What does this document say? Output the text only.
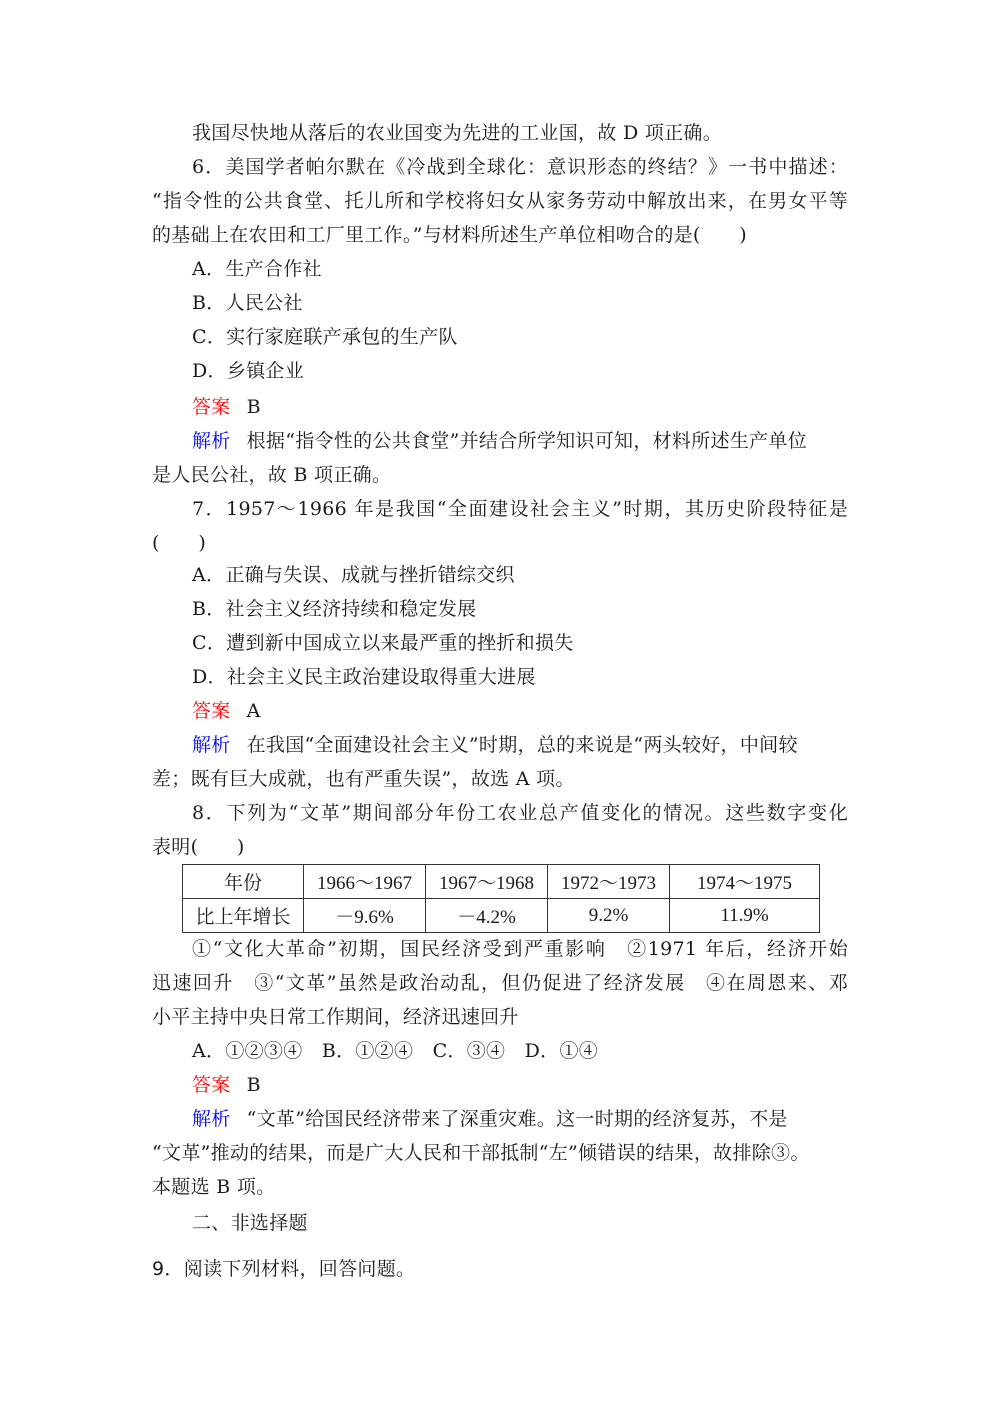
我国尽快地从落后的农业国变为先进的工业国，故 D 项正确。
6．美国学者帕尔默在《冷战到全球化：意识形态的终结？》一书中描述：
“指令性的公共食堂、托儿所和学校将妇女从家务劳动中解放出来，在男女平等
的基础上在农田和工厂里工作。”与材料所述生产单位相吻合的是(　　)
A．生产合作社
B．人民公社
C．实行家庭联产承包的生产队
D．乡镇企业
答案 B
解析 根据“指令性的公共食堂”并结合所学知识可知，材料所述生产单位
是人民公社，故 B 项正确。
7．1957～1966 年是我国“全面建设社会主义”时期，其历史阶段特征是
(　　)
A．正确与失误、成就与挫折错综交织
B．社会主义经济持续和稳定发展
C．遭到新中国成立以来最严重的挫折和损失
D．社会主义民主政治建设取得重大进展
答案 A
解析 在我国“全面建设社会主义”时期，总的来说是“两头较好，中间较
差；既有巨大成就，也有严重失误”，故选 A 项。
8．下列为“文革”期间部分年份工农业总产值变化的情况。这些数字变化
表明(　　)
年份	1966～1967	1967～1968	1972～1973	1974～1975
比上年增长	－9.6%	－4.2%	9.2%	11.9%
①“文化大革命”初期，国民经济受到严重影响　②1971 年后，经济开始
迅速回升　③“文革”虽然是政治动乱，但仍促进了经济发展　④在周恩来、邓
小平主持中央日常工作期间，经济迅速回升
A．①②③④　B．①②④　C．③④　D．①④
答案 B
解析 “文革”给国民经济带来了深重灾难。这一时期的经济复苏，不是
“文革”推动的结果，而是广大人民和干部抵制“左”倾错误的结果，故排除③。
本题选 B 项。
二、非选择题
9．阅读下列材料，回答问题。
